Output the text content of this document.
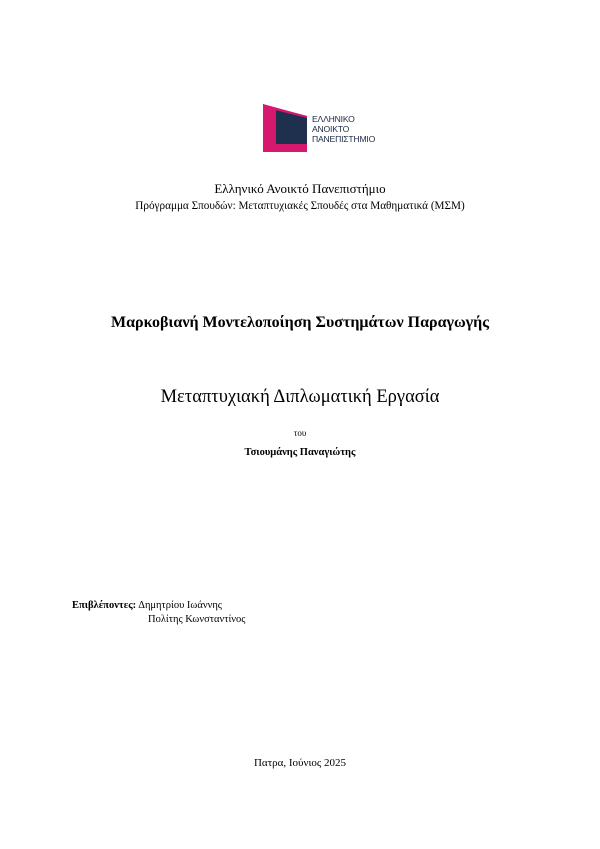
ΕΛΛΗΝΙΚΟ
ΑΝΟΙΚΤΟ
ΠΑΝΕΠΙΣΤΗΜΙΟ
Ελληνικό Ανοικτό Πανεπιστήμιο
Πρόγραμμα Σπουδών: Μεταπτυχιακές Σπουδές στα Μαθηματικά (ΜΣΜ)
Μαρκοβιανή Μοντελοποίηση Συστημάτων Παραγωγής
Μεταπτυχιακή Διπλωματική Εργασία
του
Τσιουμάνης Παναγιώτης
Επιβλέποντες: Δημητρίου Ιωάννης
Πολίτης Κωνσταντίνος
Πατρα, Ιούνιος 2025
